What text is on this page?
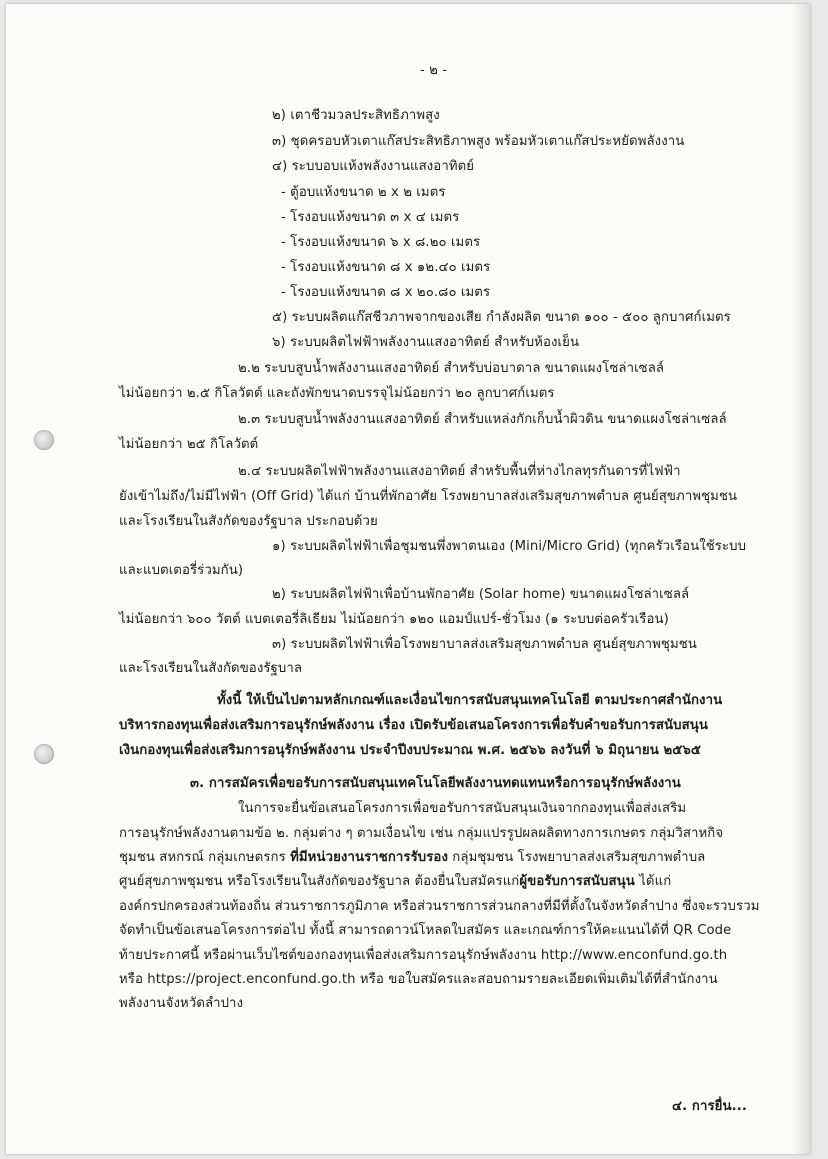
- ๒ -
๒) เตาชีวมวลประสิทธิภาพสูง
๓) ชุดครอบหัวเตาแก๊สประสิทธิภาพสูง พร้อมหัวเตาแก๊สประหยัดพลังงาน
๔) ระบบอบแห้งพลังงานแสงอาทิตย์
- ตู้อบแห้งขนาด ๒ x ๒ เมตร
- โรงอบแห้งขนาด ๓ x ๔ เมตร
- โรงอบแห้งขนาด ๖ x ๘.๒๐ เมตร
- โรงอบแห้งขนาด ๘ x ๑๒.๔๐ เมตร
- โรงอบแห้งขนาด ๘ x ๒๐.๘๐ เมตร
๕) ระบบผลิตแก๊สชีวภาพจากของเสีย กำลังผลิต ขนาด ๑๐๐ - ๕๐๐ ลูกบาศก์เมตร
๖) ระบบผลิตไฟฟ้าพลังงานแสงอาทิตย์ สำหรับห้องเย็น
๒.๒ ระบบสูบน้ำพลังงานแสงอาทิตย์ สำหรับบ่อบาดาล ขนาดแผงโซล่าเซลล์
ไม่น้อยกว่า ๒.๕ กิโลวัตต์ และถังพักขนาดบรรจุไม่น้อยกว่า ๒๐ ลูกบาศก์เมตร
๒.๓ ระบบสูบน้ำพลังงานแสงอาทิตย์ สำหรับแหล่งกักเก็บน้ำผิวดิน ขนาดแผงโซล่าเซลล์
ไม่น้อยกว่า ๒๕ กิโลวัตต์
๒.๔ ระบบผลิตไฟฟ้าพลังงานแสงอาทิตย์ สำหรับพื้นที่ห่างไกลทุรกันดารที่ไฟฟ้า
ยังเข้าไม่ถึง/ไม่มีไฟฟ้า (Off Grid) ได้แก่ บ้านที่พักอาศัย โรงพยาบาลส่งเสริมสุขภาพตำบล ศูนย์สุขภาพชุมชน
และโรงเรียนในสังกัดของรัฐบาล ประกอบด้วย
๑) ระบบผลิตไฟฟ้าเพื่อชุมชนพึ่งพาตนเอง (Mini/Micro Grid) (ทุกครัวเรือนใช้ระบบ
และแบตเตอรี่ร่วมกัน)
๒) ระบบผลิตไฟฟ้าเพื่อบ้านพักอาศัย (Solar home) ขนาดแผงโซล่าเซลล์
ไม่น้อยกว่า ๖๐๐ วัตต์ แบตเตอรี่ลิเธียม ไม่น้อยกว่า ๑๒๐ แอมป์แปร์-ชั่วโมง (๑ ระบบต่อครัวเรือน)
๓) ระบบผลิตไฟฟ้าเพื่อโรงพยาบาลส่งเสริมสุขภาพตำบล ศูนย์สุขภาพชุมชน
และโรงเรียนในสังกัดของรัฐบาล
ทั้งนี้ ให้เป็นไปตามหลักเกณฑ์และเงื่อนไขการสนับสนุนเทคโนโลยี ตามประกาศสำนักงาน
บริหารกองทุนเพื่อส่งเสริมการอนุรักษ์พลังงาน เรื่อง เปิดรับข้อเสนอโครงการเพื่อรับคำขอรับการสนับสนุน
เงินกองทุนเพื่อส่งเสริมการอนุรักษ์พลังงาน ประจำปีงบประมาณ พ.ศ. ๒๕๖๖ ลงวันที่ ๖ มิถุนายน ๒๕๖๕
๓. การสมัครเพื่อขอรับการสนับสนุนเทคโนโลยีพลังงานทดแทนหรือการอนุรักษ์พลังงาน
ในการจะยื่นข้อเสนอโครงการเพื่อขอรับการสนับสนุนเงินจากกองทุนเพื่อส่งเสริม
การอนุรักษ์พลังงานตามข้อ ๒. กลุ่มต่าง ๆ ตามเงื่อนไข เช่น กลุ่มแปรรูปผลผลิตทางการเกษตร กลุ่มวิสาหกิจ
ชุมชน สหกรณ์ กลุ่มเกษตรกร ที่มีหน่วยงานราชการรับรอง กลุ่มชุมชน โรงพยาบาลส่งเสริมสุขภาพตำบล
ศูนย์สุขภาพชุมชน หรือโรงเรียนในสังกัดของรัฐบาล ต้องยื่นใบสมัครแก่ผู้ขอรับการสนับสนุน ได้แก่
องค์กรปกครองส่วนท้องถิ่น ส่วนราชการภูมิภาค หรือส่วนราชการส่วนกลางที่มีที่ตั้งในจังหวัดลำปาง ซึ่งจะรวบรวม
จัดทำเป็นข้อเสนอโครงการต่อไป ทั้งนี้ สามารถดาวน์โหลดใบสมัคร และเกณฑ์การให้คะแนนได้ที่ QR Code
ท้ายประกาศนี้ หรือผ่านเว็บไซต์ของกองทุนเพื่อส่งเสริมการอนุรักษ์พลังงาน http://www.enconfund.go.th
หรือ https://project.enconfund.go.th หรือ ขอใบสมัครและสอบถามรายละเอียดเพิ่มเติมได้ที่สำนักงาน
พลังงานจังหวัดลำปาง
๔. การยื่น...
